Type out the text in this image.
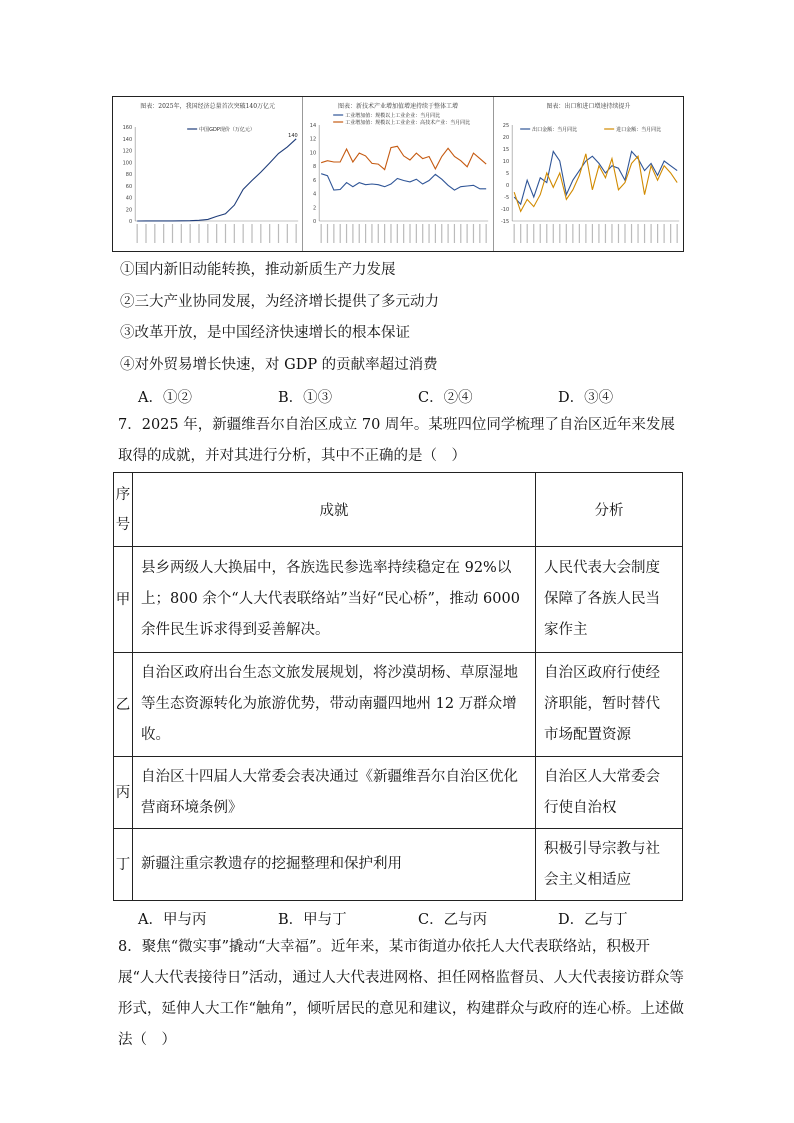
图表：2025年，我国经济总量首次突破140万亿元
0
20
40
60
80
100
120
140
160	中国GDP现价（万亿元）
140
图表：新技术产业增加值增速持续于整体工增
0
2
4
6
8
10
12
14
工业增加值：规模以上工业企业：当月同比
工业增加值：规模以上工业企业：高技术产业：当月同比
图表：出口和进口增速持续提升
-15
-10
-5
0
5
10
15
20
25
出口金额：当月同比	进口金额：当月同比
①国内新旧动能转换，推动新质生产力发展
②三大产业协同发展，为经济增长提供了多元动力
③改革开放，是中国经济快速增长的根本保证
④对外贸易增长快速，对 GDP 的贡献率超过消费
A．①②	B．①③	C．②④	D．③④
7．2025 年，新疆维吾尔自治区成立 70 周年。某班四位同学梳理了自治区近年来发展取得的成就，并对其进行分析，其中不正确的是（　）
序号	成就	分析
甲	县乡两级人大换届中，各族选民参选率持续稳定在 92%以上；800 余个“人大代表联络站”当好“民心桥”，推动 6000 余件民生诉求得到妥善解决。	人民代表大会制度保障了各族人民当家作主
乙	自治区政府出台生态文旅发展规划，将沙漠胡杨、草原湿地等生态资源转化为旅游优势，带动南疆四地州 12 万群众增收。	自治区政府行使经济职能，暂时替代市场配置资源
丙	自治区十四届人大常委会表决通过《新疆维吾尔自治区优化营商环境条例》	自治区人大常委会行使自治权
丁	新疆注重宗教遗存的挖掘整理和保护利用	积极引导宗教与社会主义相适应
A．甲与丙	B．甲与丁	C．乙与丙	D．乙与丁
8．聚焦“微实事”撬动“大幸福”。近年来，某市街道办依托人大代表联络站，积极开展“人大代表接待日”活动，通过人大代表进网格、担任网格监督员、人大代表接访群众等形式，延伸人大工作“触角”，倾听居民的意见和建议，构建群众与政府的连心桥。上述做法（　）
